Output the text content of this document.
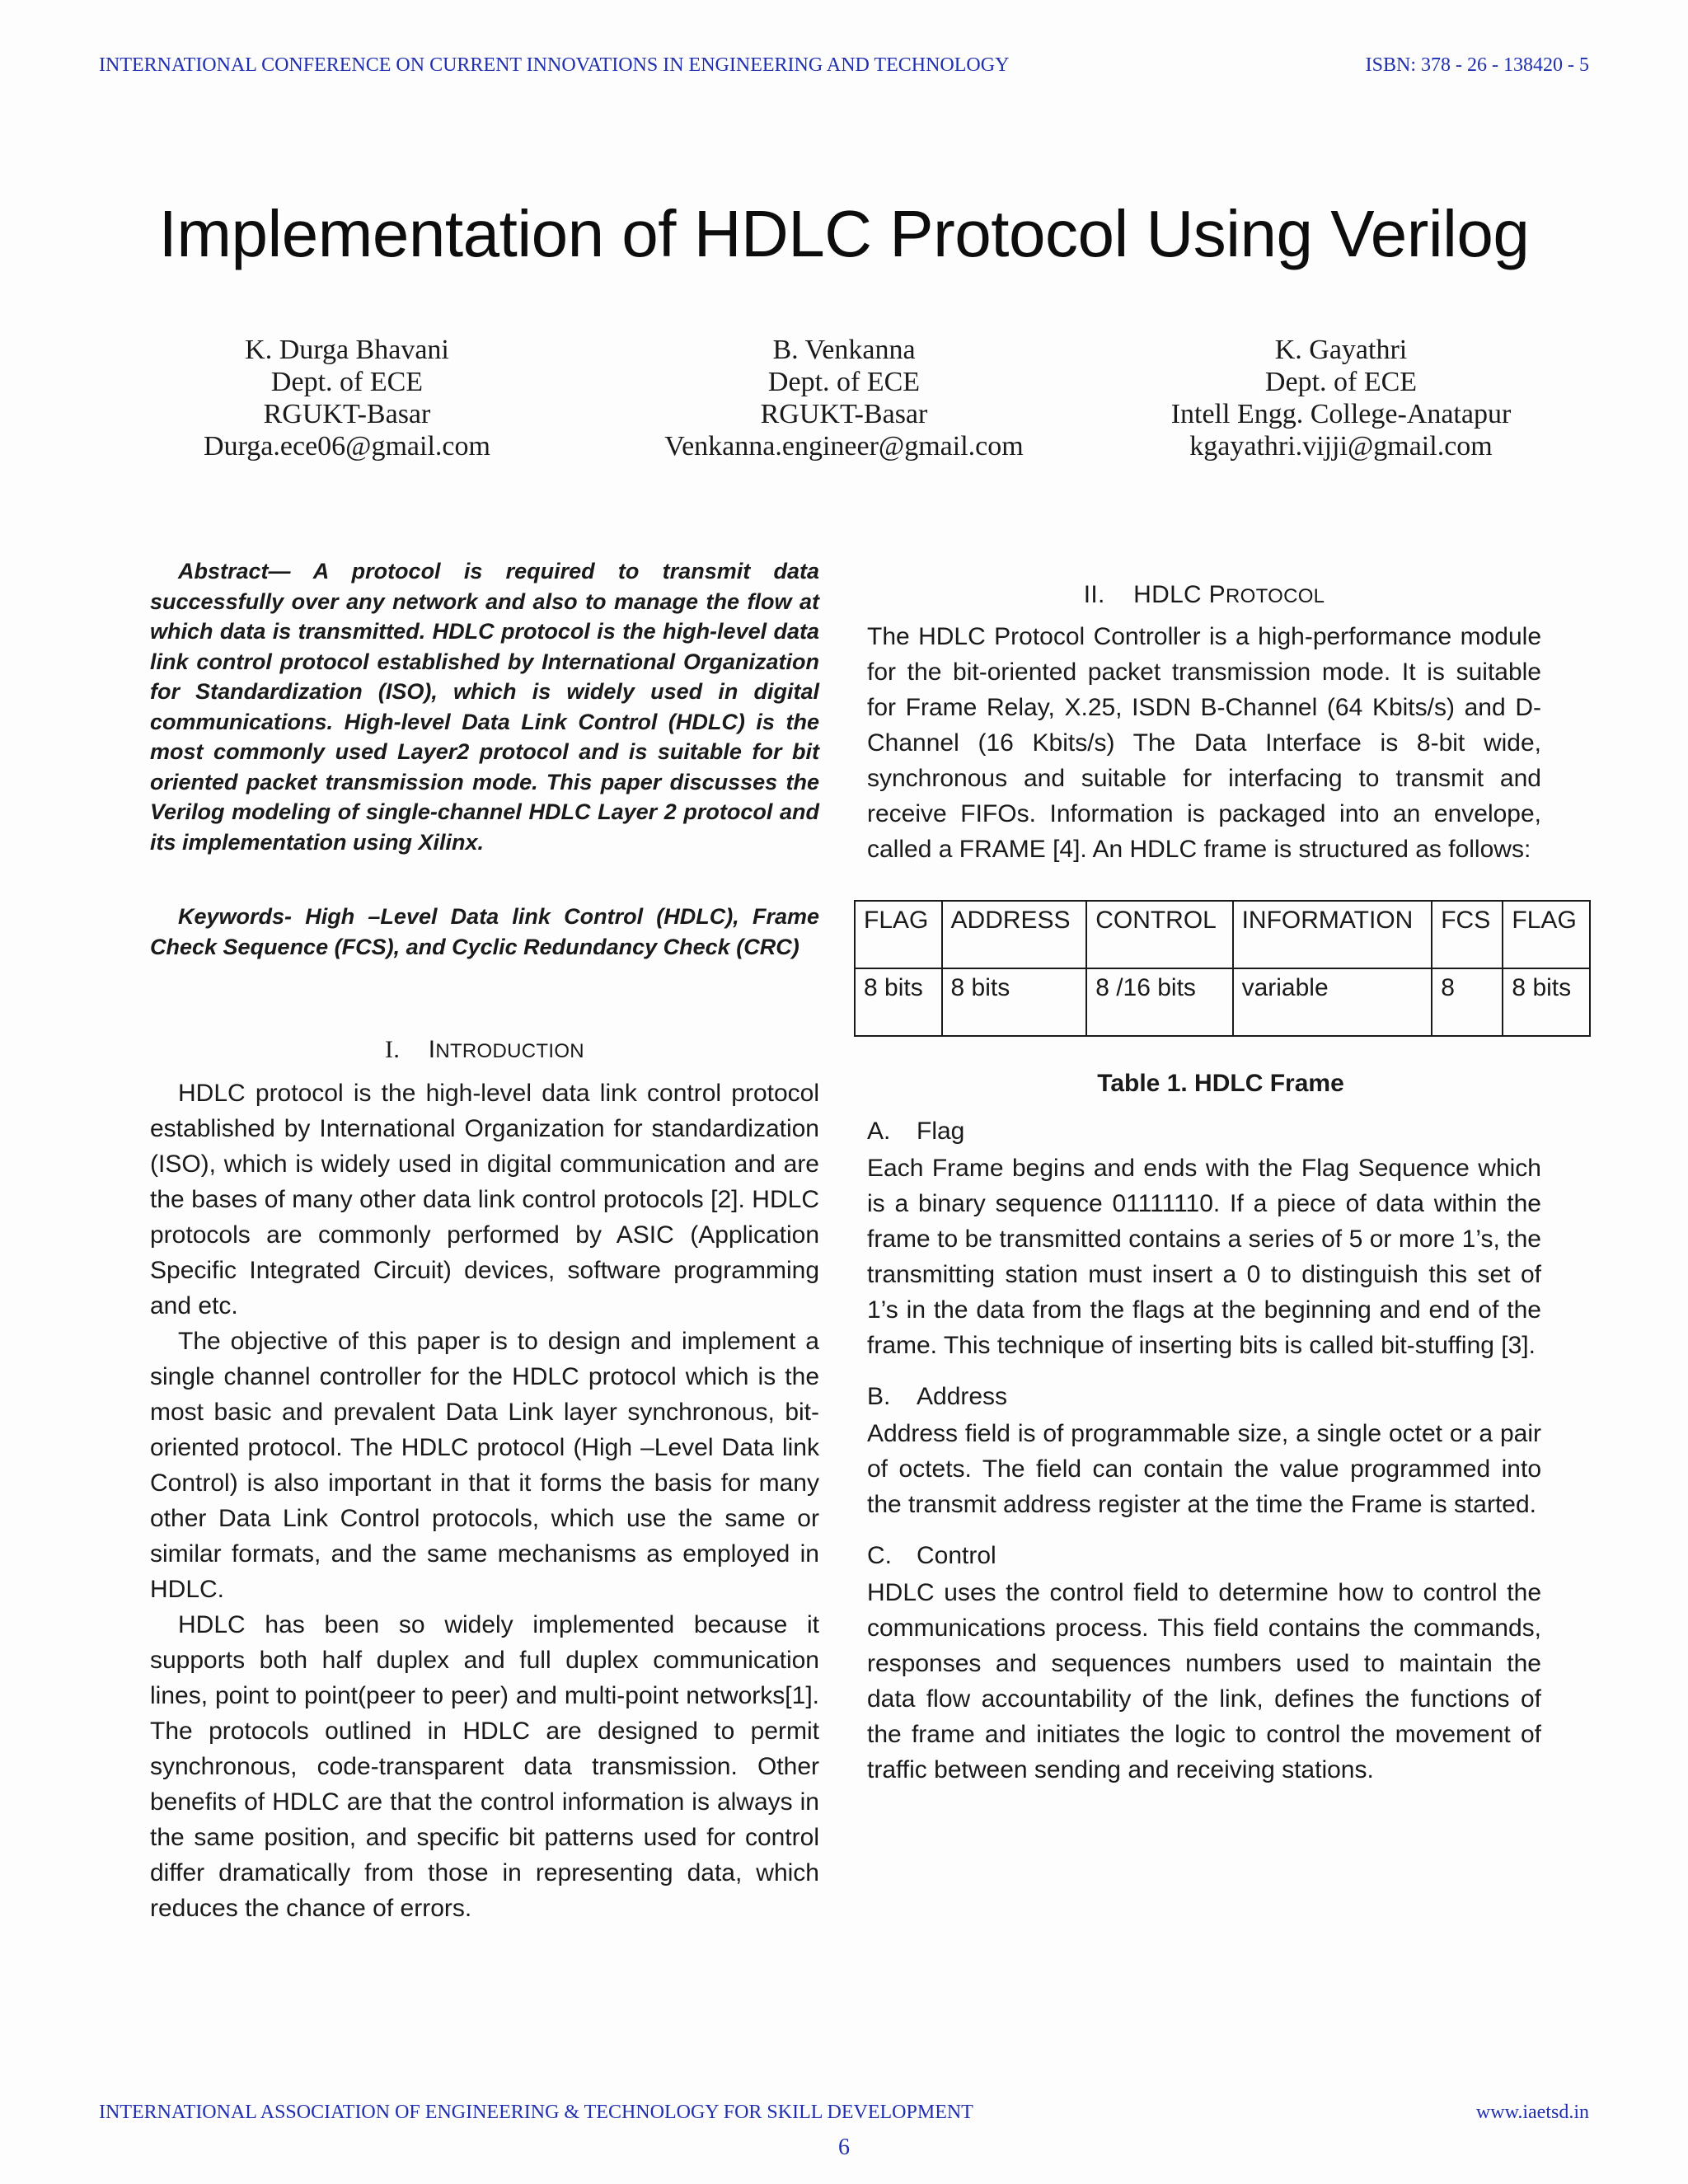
INTERNATIONAL CONFERENCE ON CURRENT INNOVATIONS IN ENGINEERING AND TECHNOLOGY	ISBN: 378 - 26 - 138420 - 5
Implementation of HDLC Protocol Using Verilog
K. Durga Bhavani
Dept. of ECE
RGUKT-Basar
Durga.ece06@gmail.com
B. Venkanna
Dept. of ECE
RGUKT-Basar
Venkanna.engineer@gmail.com
K. Gayathri
Dept. of ECE
Intell Engg. College-Anatapur
kgayathri.vijji@gmail.com

Abstract— A protocol is required to transmit data successfully over any network and also to manage the flow at which data is transmitted. HDLC protocol is the high-level data link control protocol established by International Organization for Standardization (ISO), which is widely used in digital communications. High-level Data Link Control (HDLC) is the most commonly used Layer2 protocol and is suitable for bit oriented packet transmission mode. This paper discusses the Verilog modeling of single-channel HDLC Layer 2 protocol and its implementation using Xilinx.

Keywords- High –Level Data link Control (HDLC), Frame Check Sequence (FCS), and Cyclic Redundancy Check (CRC)

I. INTRODUCTION

HDLC protocol is the high-level data link control protocol established by International Organization for standardization (ISO), which is widely used in digital communication and are the bases of many other data link control protocols [2]. HDLC protocols are commonly performed by ASIC (Application Specific Integrated Circuit) devices, software programming and etc.

The objective of this paper is to design and implement a single channel controller for the HDLC protocol which is the most basic and prevalent Data Link layer synchronous, bit-oriented protocol. The HDLC protocol (High –Level Data link Control) is also important in that it forms the basis for many other Data Link Control protocols, which use the same or similar formats, and the same mechanisms as employed in HDLC.

HDLC has been so widely implemented because it supports both half duplex and full duplex communication lines, point to point(peer to peer) and multi-point networks[1]. The protocols outlined in HDLC are designed to permit synchronous, code-transparent data transmission. Other benefits of HDLC are that the control information is always in the same position, and specific bit patterns used for control differ dramatically from those in representing data, which reduces the chance of errors.

II. HDLC PROTOCOL

The HDLC Protocol Controller is a high-performance module for the bit-oriented packet transmission mode. It is suitable for Frame Relay, X.25, ISDN B-Channel (64 Kbits/s) and D-Channel (16 Kbits/s) The Data Interface is 8-bit wide, synchronous and suitable for interfacing to transmit and receive FIFOs. Information is packaged into an envelope, called a FRAME [4]. An HDLC frame is structured as follows:

FLAG	ADDRESS	CONTROL	INFORMATION	FCS	FLAG
8 bits	8 bits	8 /16 bits	variable	8	8 bits

Table 1. HDLC Frame

A. Flag

Each Frame begins and ends with the Flag Sequence which is a binary sequence 01111110. If a piece of data within the frame to be transmitted contains a series of 5 or more 1’s, the transmitting station must insert a 0 to distinguish this set of 1’s in the data from the flags at the beginning and end of the frame. This technique of inserting bits is called bit-stuffing [3].

B. Address

Address field is of programmable size, a single octet or a pair of octets. The field can contain the value programmed into the transmit address register at the time the Frame is started.

C. Control

HDLC uses the control field to determine how to control the communications process. This field contains the commands, responses and sequences numbers used to maintain the data flow accountability of the link, defines the functions of the frame and initiates the logic to control the movement of traffic between sending and receiving stations.

INTERNATIONAL ASSOCIATION OF ENGINEERING & TECHNOLOGY FOR SKILL DEVELOPMENT	www.iaetsd.in
6
